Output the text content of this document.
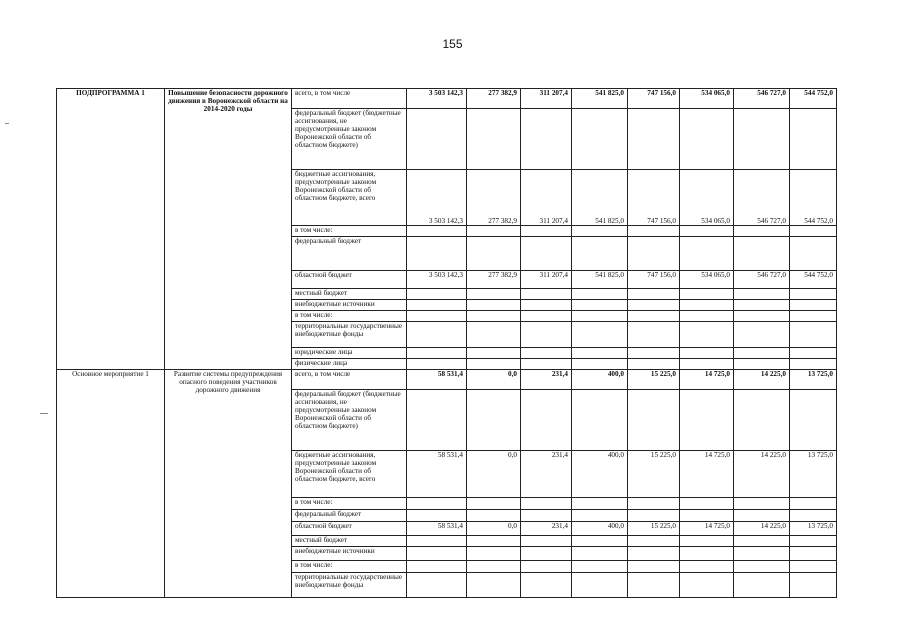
155
ПОДПРОГРАММА 1	Повышение безопасности дорожного движения в Воронежской области на 2014-2020 годы	всего, в том числе	3 503 142,3	277 382,9	311 207,4	541 825,0	747 156,0	534 065,0	546 727,0	544 752,0
		федеральный бюджет (бюджетные ассигнования, не предусмотренные законом Воронежской области об областном бюджете)								
		бюджетные ассигнования, предусмотренные законом Воронежской области об областном бюджете, всего	3 503 142,3	277 382,9	311 207,4	541 825,0	747 156,0	534 065,0	546 727,0	544 752,0
		в том числе:								
		федеральный бюджет								
		областной бюджет	3 503 142,3	277 382,9	311 207,4	541 825,0	747 156,0	534 065,0	546 727,0	544 752,0
		местный бюджет								
		внебюджетные источники								
		в том числе:								
		территориальные государственные внебюджетные фонды								
		юридические лица								
		физические лица								
Основное мероприятие 1	Развитие системы предупреждения опасного поведения участников дорожного движения	всего, в том числе	58 531,4	0,0	231,4	400,0	15 225,0	14 725,0	14 225,0	13 725,0
		федеральный бюджет (бюджетные ассигнования, не предусмотренные законом Воронежской области об областном бюджете)								
		бюджетные ассигнования, предусмотренные законом Воронежской области об областном бюджете, всего	58 531,4	0,0	231,4	400,0	15 225,0	14 725,0	14 225,0	13 725,0
		в том числе:								
		федеральный бюджет								
		областной бюджет	58 531,4	0,0	231,4	400,0	15 225,0	14 725,0	14 225,0	13 725,0
		местный бюджет								
		внебюджетные источники								
		в том числе:								
		территориальные государственные внебюджетные фонды								
